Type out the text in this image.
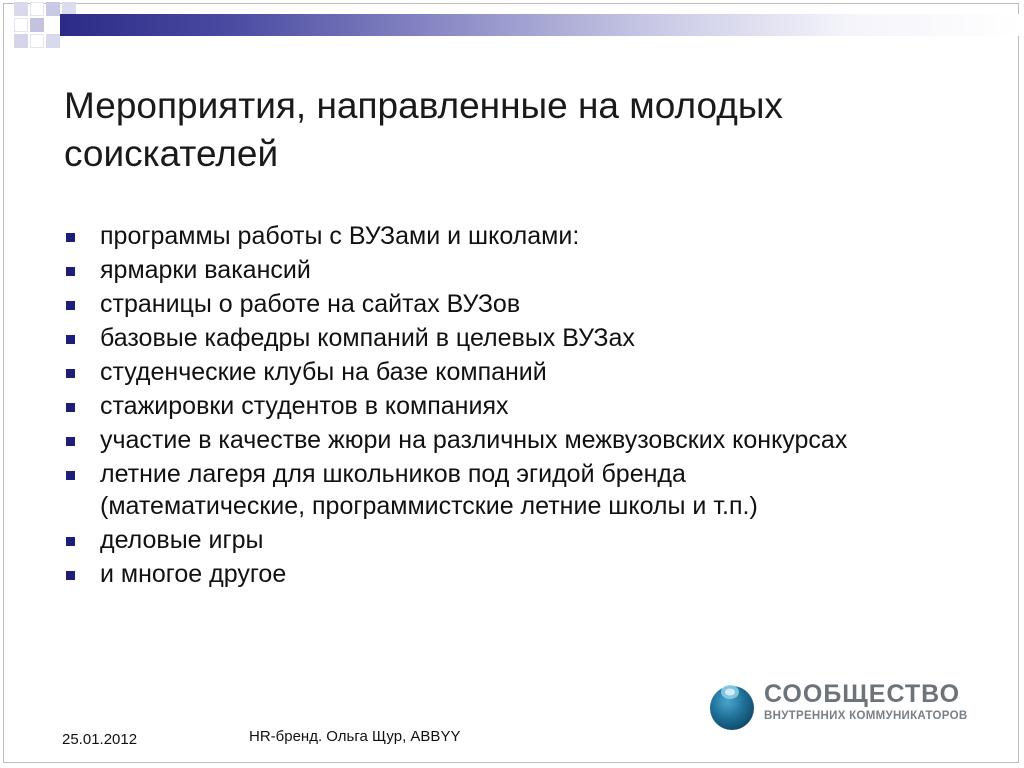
Мероприятия, направленные на молодых
соискателей
программы работы с ВУЗами и школами:
ярмарки вакансий
страницы о работе на сайтах ВУЗов
базовые кафедры компаний в целевых ВУЗах
студенческие клубы на базе компаний
стажировки студентов в компаниях
участие в качестве жюри на различных межвузовских конкурсах
летние лагеря для школьников под эгидой бренда
(математические, программистские летние школы и т.п.)
деловые игры
и многое другое
СООБЩЕСТВО
ВНУТРЕННИХ КОММУНИКАТОРОВ
25.01.2012	HR-бренд. Ольга Щур, ABBYY
